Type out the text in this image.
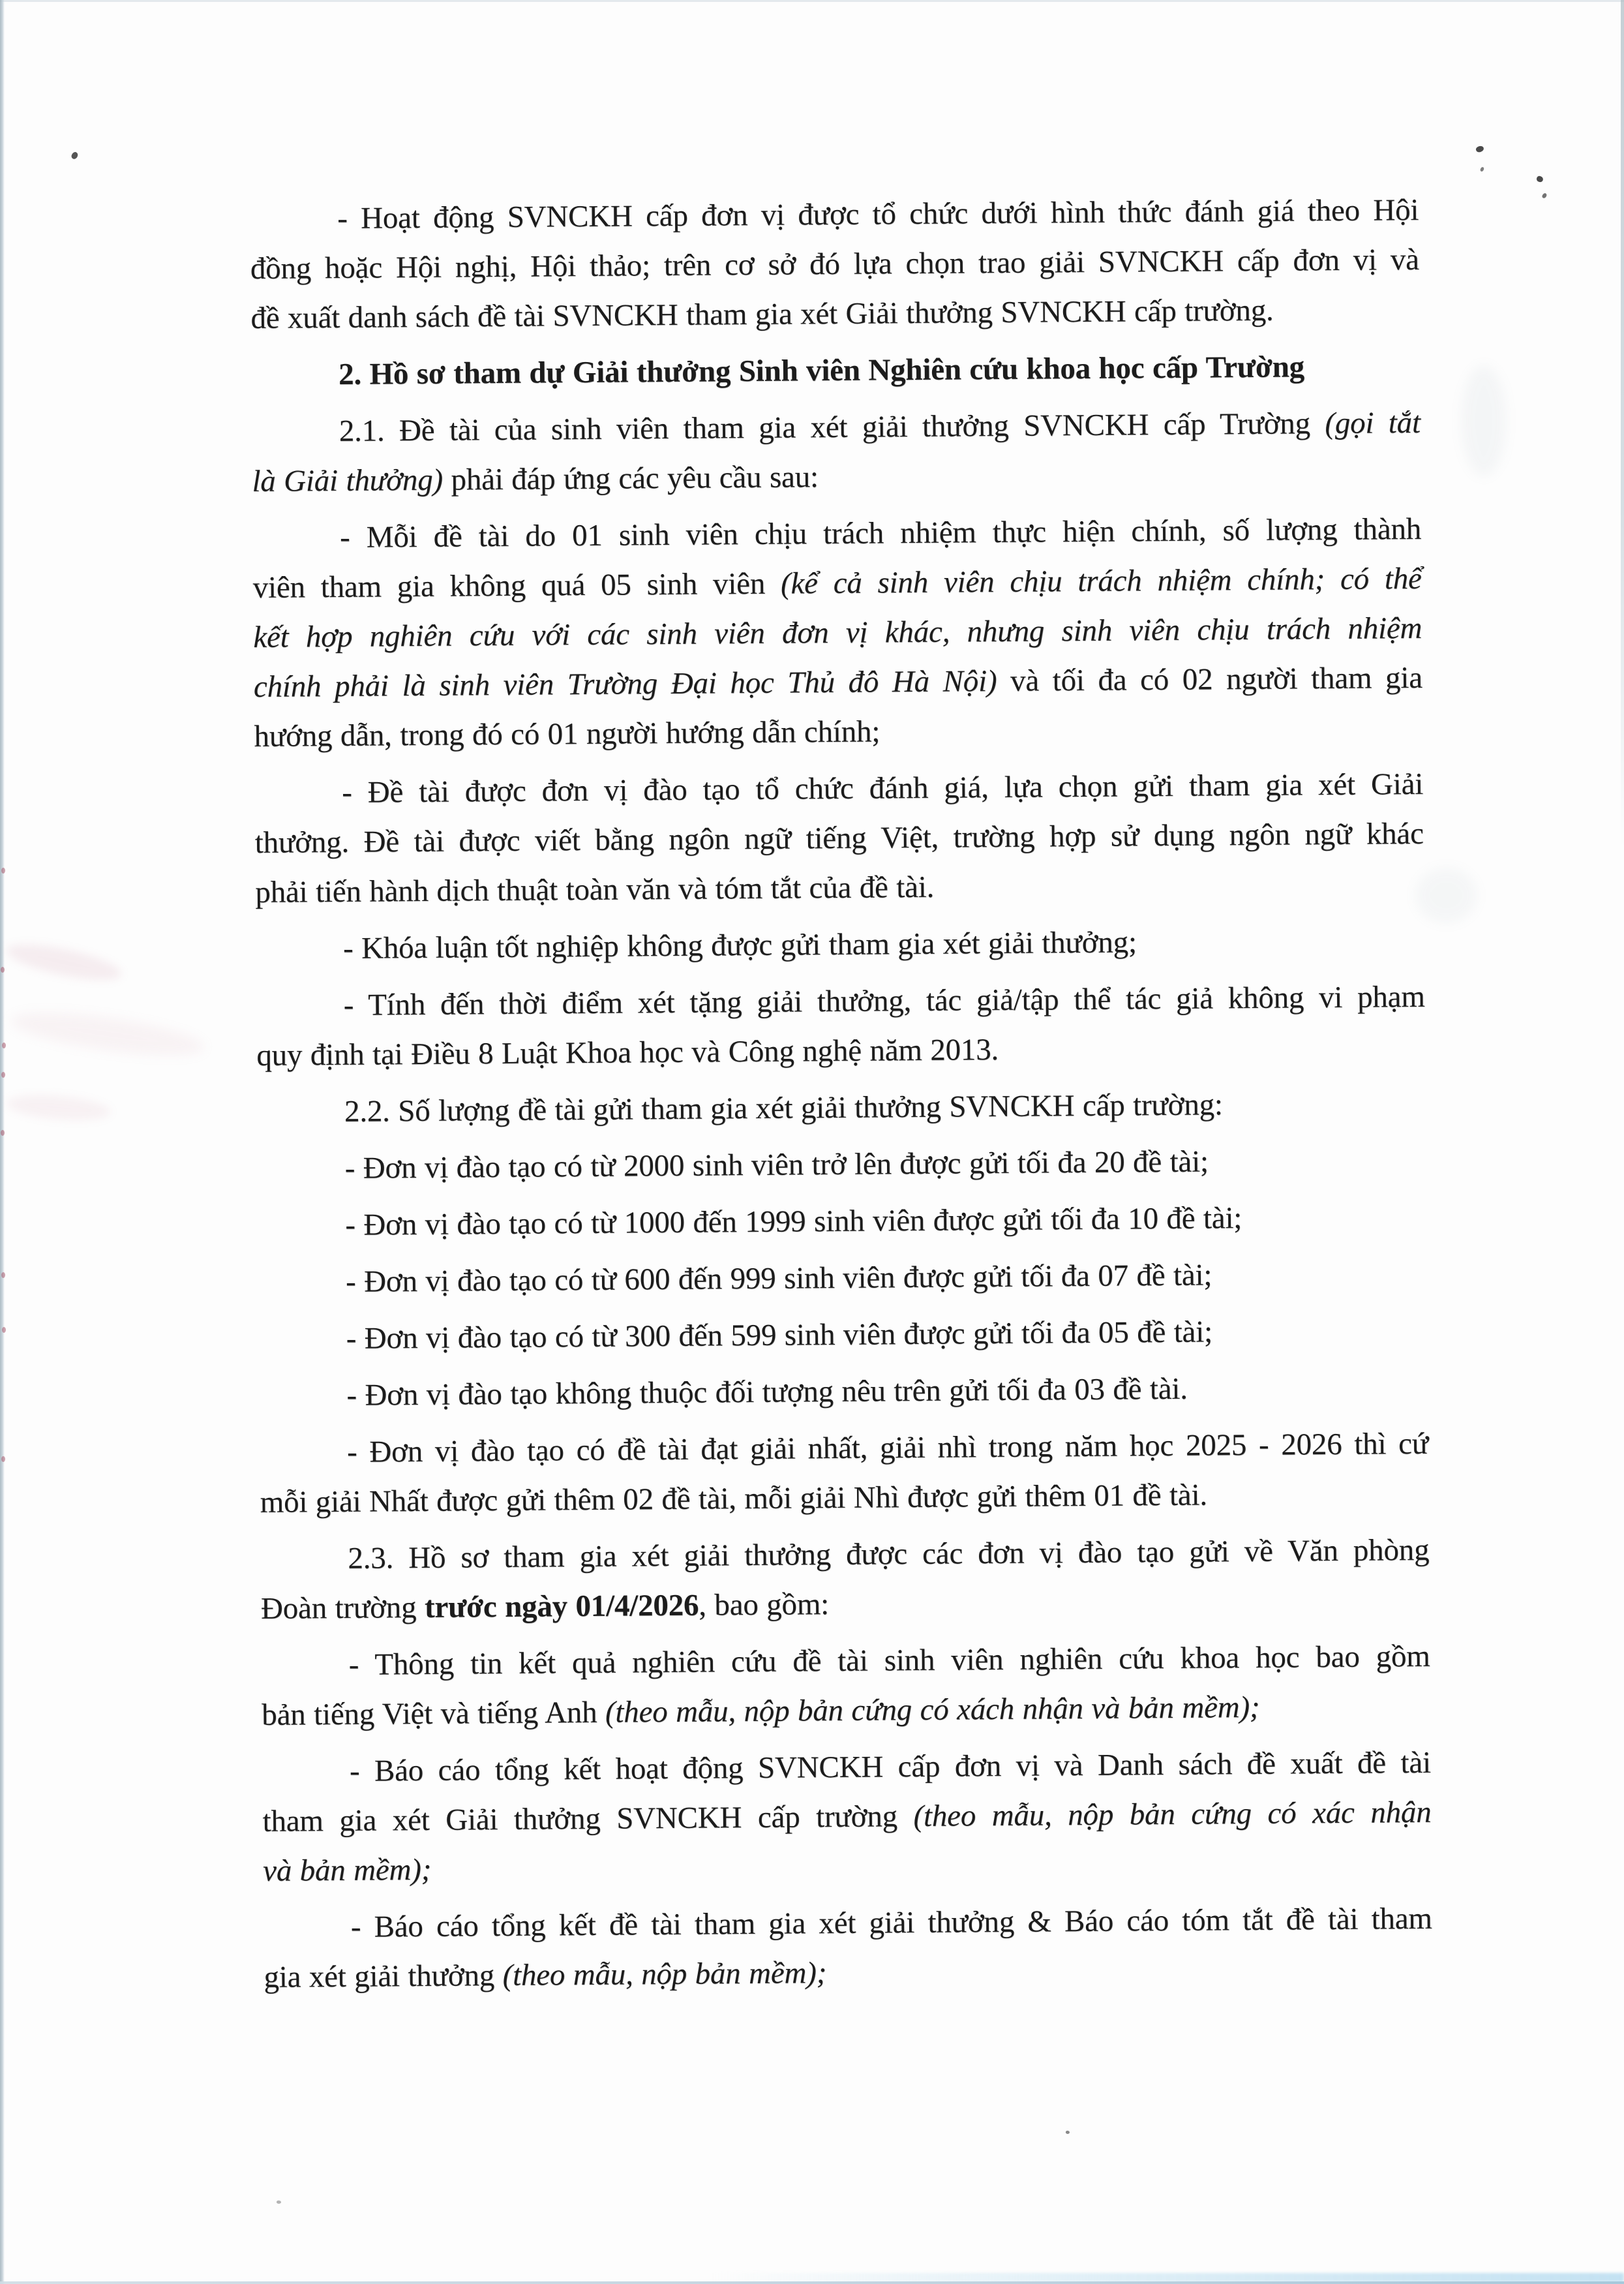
- Hoạt động SVNCKH cấp đơn vị được tổ chức dưới hình thức đánh giá theo Hội
đồng hoặc Hội nghị, Hội thảo; trên cơ sở đó lựa chọn trao giải SVNCKH cấp đơn vị và
đề xuất danh sách đề tài SVNCKH tham gia xét Giải thưởng SVNCKH cấp trường.
2. Hồ sơ tham dự Giải thưởng Sinh viên Nghiên cứu khoa học cấp Trường
2.1. Đề tài của sinh viên tham gia xét giải thưởng SVNCKH cấp Trường (gọi tắt
là Giải thưởng) phải đáp ứng các yêu cầu sau:
- Mỗi đề tài do 01 sinh viên chịu trách nhiệm thực hiện chính, số lượng thành
viên tham gia không quá 05 sinh viên (kể cả sinh viên chịu trách nhiệm chính; có thể
kết hợp nghiên cứu với các sinh viên đơn vị khác, nhưng sinh viên chịu trách nhiệm
chính phải là sinh viên Trường Đại học Thủ đô Hà Nội) và tối đa có 02 người tham gia
hướng dẫn, trong đó có 01 người hướng dẫn chính;
- Đề tài được đơn vị đào tạo tổ chức đánh giá, lựa chọn gửi tham gia xét Giải
thưởng. Đề tài được viết bằng ngôn ngữ tiếng Việt, trường hợp sử dụng ngôn ngữ khác
phải tiến hành dịch thuật toàn văn và tóm tắt của đề tài.
- Khóa luận tốt nghiệp không được gửi tham gia xét giải thưởng;
- Tính đến thời điểm xét tặng giải thưởng, tác giả/tập thể tác giả không vi phạm
quy định tại Điều 8 Luật Khoa học và Công nghệ năm 2013.
2.2. Số lượng đề tài gửi tham gia xét giải thưởng SVNCKH cấp trường:
- Đơn vị đào tạo có từ 2000 sinh viên trở lên được gửi tối đa 20 đề tài;
- Đơn vị đào tạo có từ 1000 đến 1999 sinh viên được gửi tối đa 10 đề tài;
- Đơn vị đào tạo có từ 600 đến 999 sinh viên được gửi tối đa 07 đề tài;
- Đơn vị đào tạo có từ 300 đến 599 sinh viên được gửi tối đa 05 đề tài;
- Đơn vị đào tạo không thuộc đối tượng nêu trên gửi tối đa 03 đề tài.
- Đơn vị đào tạo có đề tài đạt giải nhất, giải nhì trong năm học 2025 - 2026 thì cứ
mỗi giải Nhất được gửi thêm 02 đề tài, mỗi giải Nhì được gửi thêm 01 đề tài.
2.3. Hồ sơ tham gia xét giải thưởng được các đơn vị đào tạo gửi về Văn phòng
Đoàn trường trước ngày 01/4/2026, bao gồm:
- Thông tin kết quả nghiên cứu đề tài sinh viên nghiên cứu khoa học bao gồm
bản tiếng Việt và tiếng Anh (theo mẫu, nộp bản cứng có xách nhận và bản mềm);
- Báo cáo tổng kết hoạt động SVNCKH cấp đơn vị và Danh sách đề xuất đề tài
tham gia xét Giải thưởng SVNCKH cấp trường (theo mẫu, nộp bản cứng có xác nhận
và bản mềm);
- Báo cáo tổng kết đề tài tham gia xét giải thưởng & Báo cáo tóm tắt đề tài tham
gia xét giải thưởng (theo mẫu, nộp bản mềm);
